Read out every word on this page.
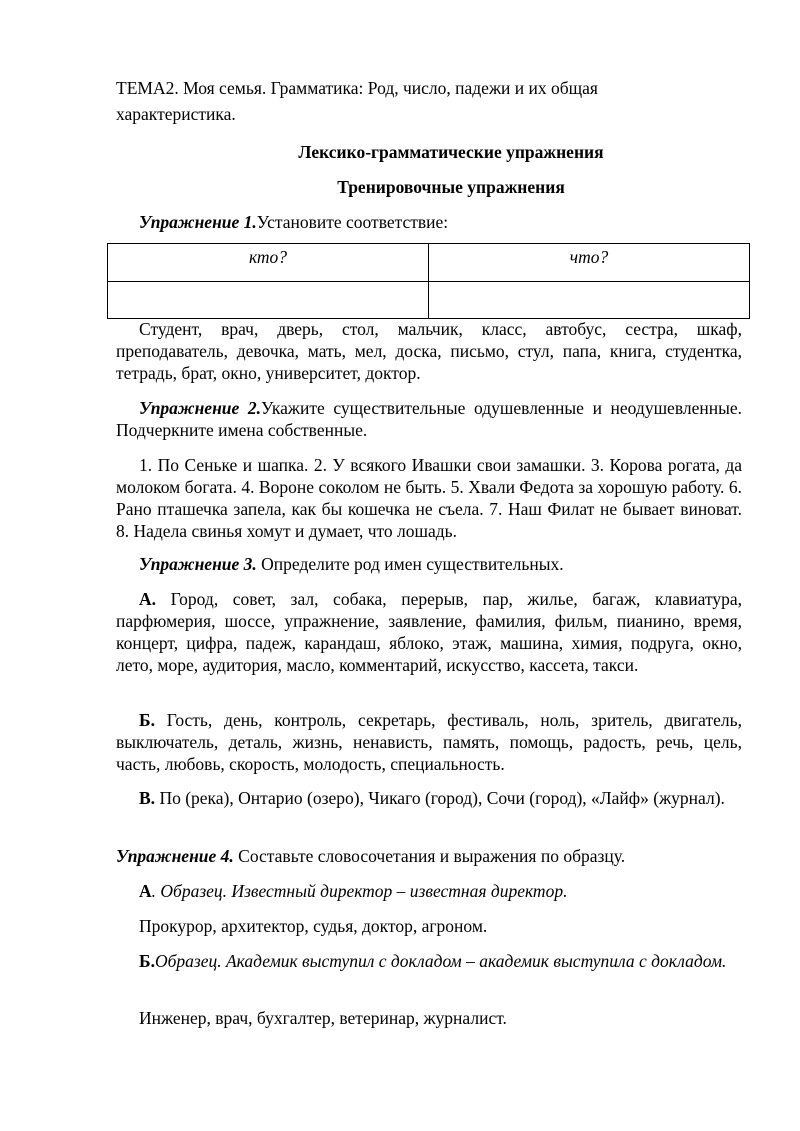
ТЕМА2. Моя семья. Грамматика: Род, число, падежи и их общая
характеристика.
Лексико-грамматические упражнения
Тренировочные упражнения
Упражнение 1.Установите соответствие:
кто?	что?

Студент, врач, дверь, стол, мальчик, класс, автобус, сестра, шкаф, преподаватель, девочка, мать, мел, доска, письмо, стул, папа, книга, студентка, тетрадь, брат, окно, университет, доктор.
Упражнение 2.Укажите существительные одушевленные и неодушевленные. Подчеркните имена собственные.
1. По Сеньке и шапка. 2. У всякого Ивашки свои замашки. 3. Корова рогата, да молоком богата. 4. Вороне соколом не быть. 5. Хвали Федота за хорошую работу. 6. Рано пташечка запела, как бы кошечка не съела. 7. Наш Филат не бывает виноват. 8. Надела свинья хомут и думает, что лошадь.
Упражнение 3. Определите род имен существительных.
А. Город, совет, зал, собака, перерыв, пар, жилье, багаж, клавиатура, парфюмерия, шоссе, упражнение, заявление, фамилия, фильм, пианино, время, концерт, цифра, падеж, карандаш, яблоко, этаж, машина, химия, подруга, окно, лето, море, аудитория, масло, комментарий, искусство, кассета, такси.
Б. Гость, день, контроль, секретарь, фестиваль, ноль, зритель, двигатель, выключатель, деталь, жизнь, ненависть, память, помощь, радость, речь, цель, часть, любовь, скорость, молодость, специальность.
В. По (река), Онтарио (озеро), Чикаго (город), Сочи (город), «Лайф» (журнал).
Упражнение 4. Составьте словосочетания и выражения по образцу.
А. Образец. Известный директор – известная директор.
Прокурор, архитектор, судья, доктор, агроном.
Б.Образец. Академик выступил с докладом – академик выступила с докладом.
Инженер, врач, бухгалтер, ветеринар, журналист.
